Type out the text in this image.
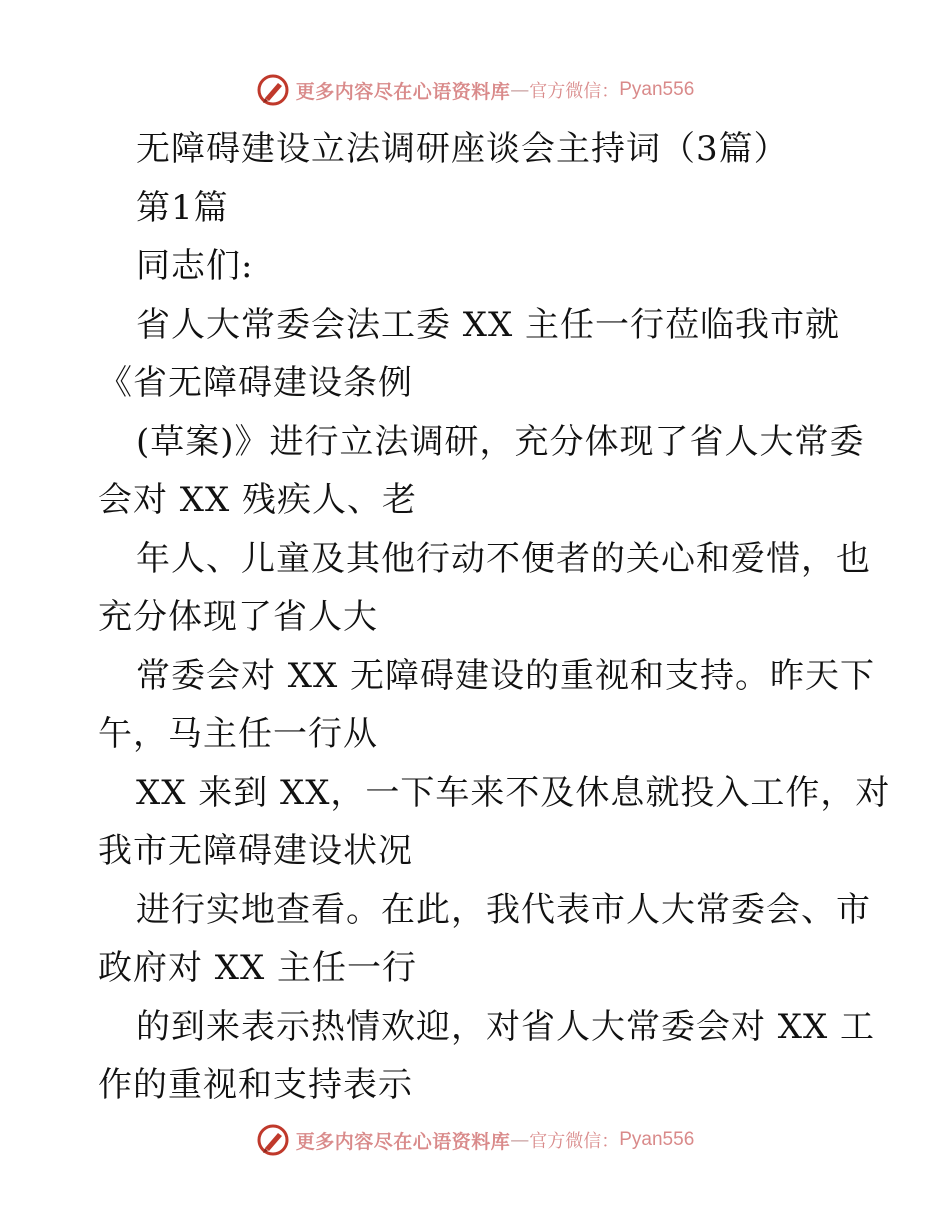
更多内容尽在心语资料库 — 官方微信： Pyan556
无障碍建设立法调研座谈会主持词（3篇）
第1篇
同志们:
省人大常委会法工委 XX 主任一行莅临我市就
《省无障碍建设条例
(草案)》进行立法调研，充分体现了省人大常委
会对 XX 残疾人、老
年人、儿童及其他行动不便者的关心和爱惜，也
充分体现了省人大
常委会对 XX 无障碍建设的重视和支持。昨天下
午，马主任一行从
XX 来到 XX，一下车来不及休息就投入工作，对
我市无障碍建设状况
进行实地查看。在此，我代表市人大常委会、市
政府对 XX 主任一行
的到来表示热情欢迎，对省人大常委会对 XX 工
作的重视和支持表示
更多内容尽在心语资料库 — 官方微信： Pyan556
